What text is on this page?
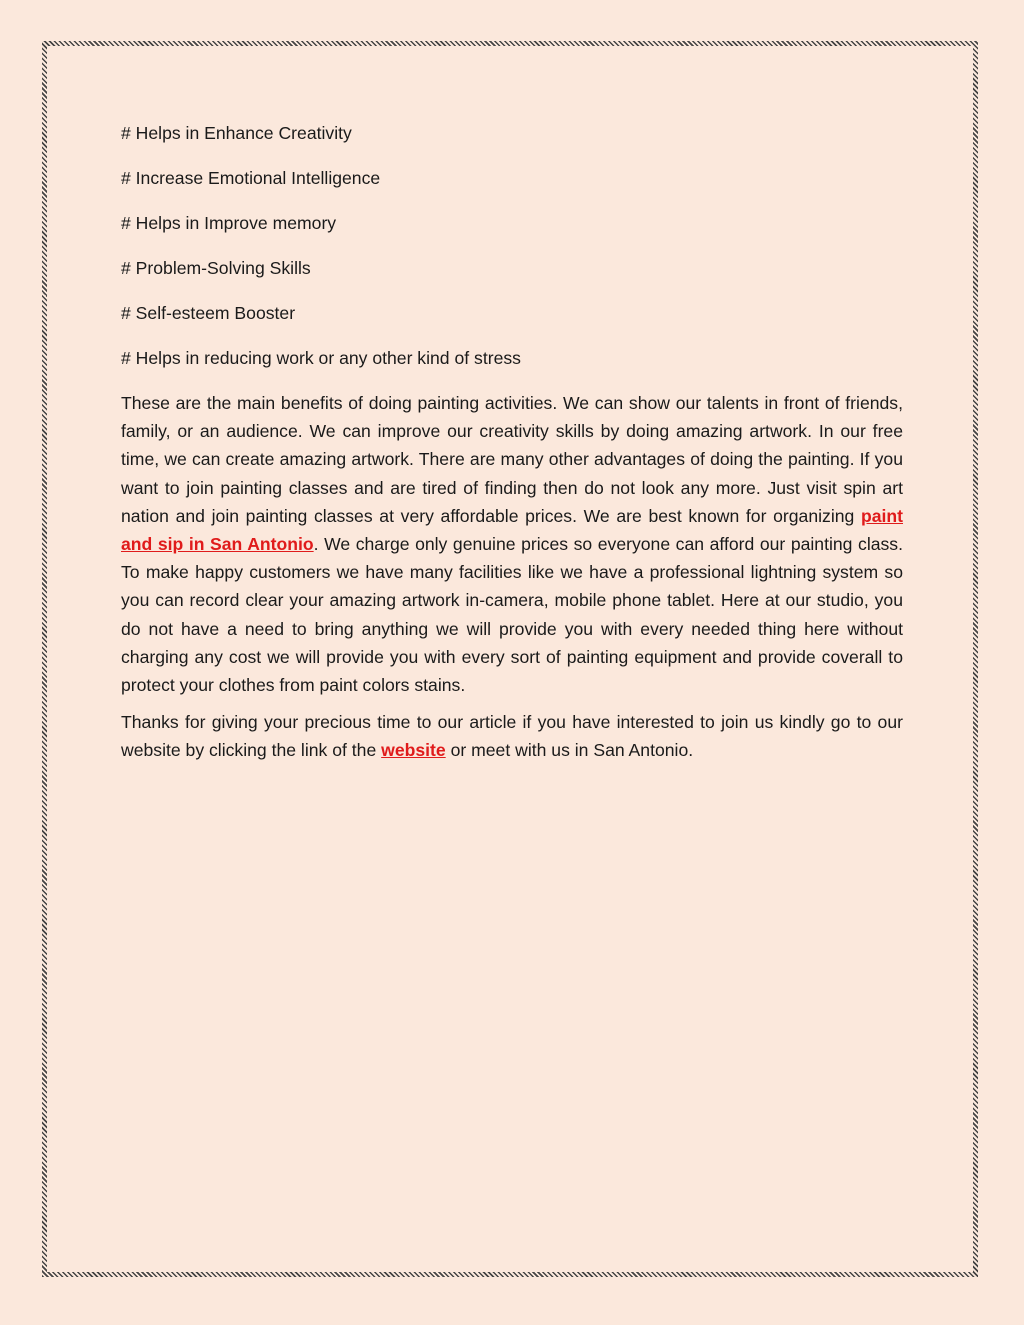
# Helps in Enhance Creativity

# Increase Emotional Intelligence

# Helps in Improve memory

# Problem-Solving Skills

# Self-esteem Booster

# Helps in reducing work or any other kind of stress

These are the main benefits of doing painting activities. We can show our talents in front of friends, family, or an audience. We can improve our creativity skills by doing amazing artwork. In our free time, we can create amazing artwork. There are many other advantages of doing the painting. If you want to join painting classes and are tired of finding then do not look any more. Just visit spin art nation and join painting classes at very affordable prices. We are best known for organizing paint and sip in San Antonio. We charge only genuine prices so everyone can afford our painting class. To make happy customers we have many facilities like we have a professional lightning system so you can record clear your amazing artwork in-camera, mobile phone tablet. Here at our studio, you do not have a need to bring anything we will provide you with every needed thing here without charging any cost we will provide you with every sort of painting equipment and provide coverall to protect your clothes from paint colors stains.

Thanks for giving your precious time to our article if you have interested to join us kindly go to our website by clicking the link of the website or meet with us in San Antonio.
